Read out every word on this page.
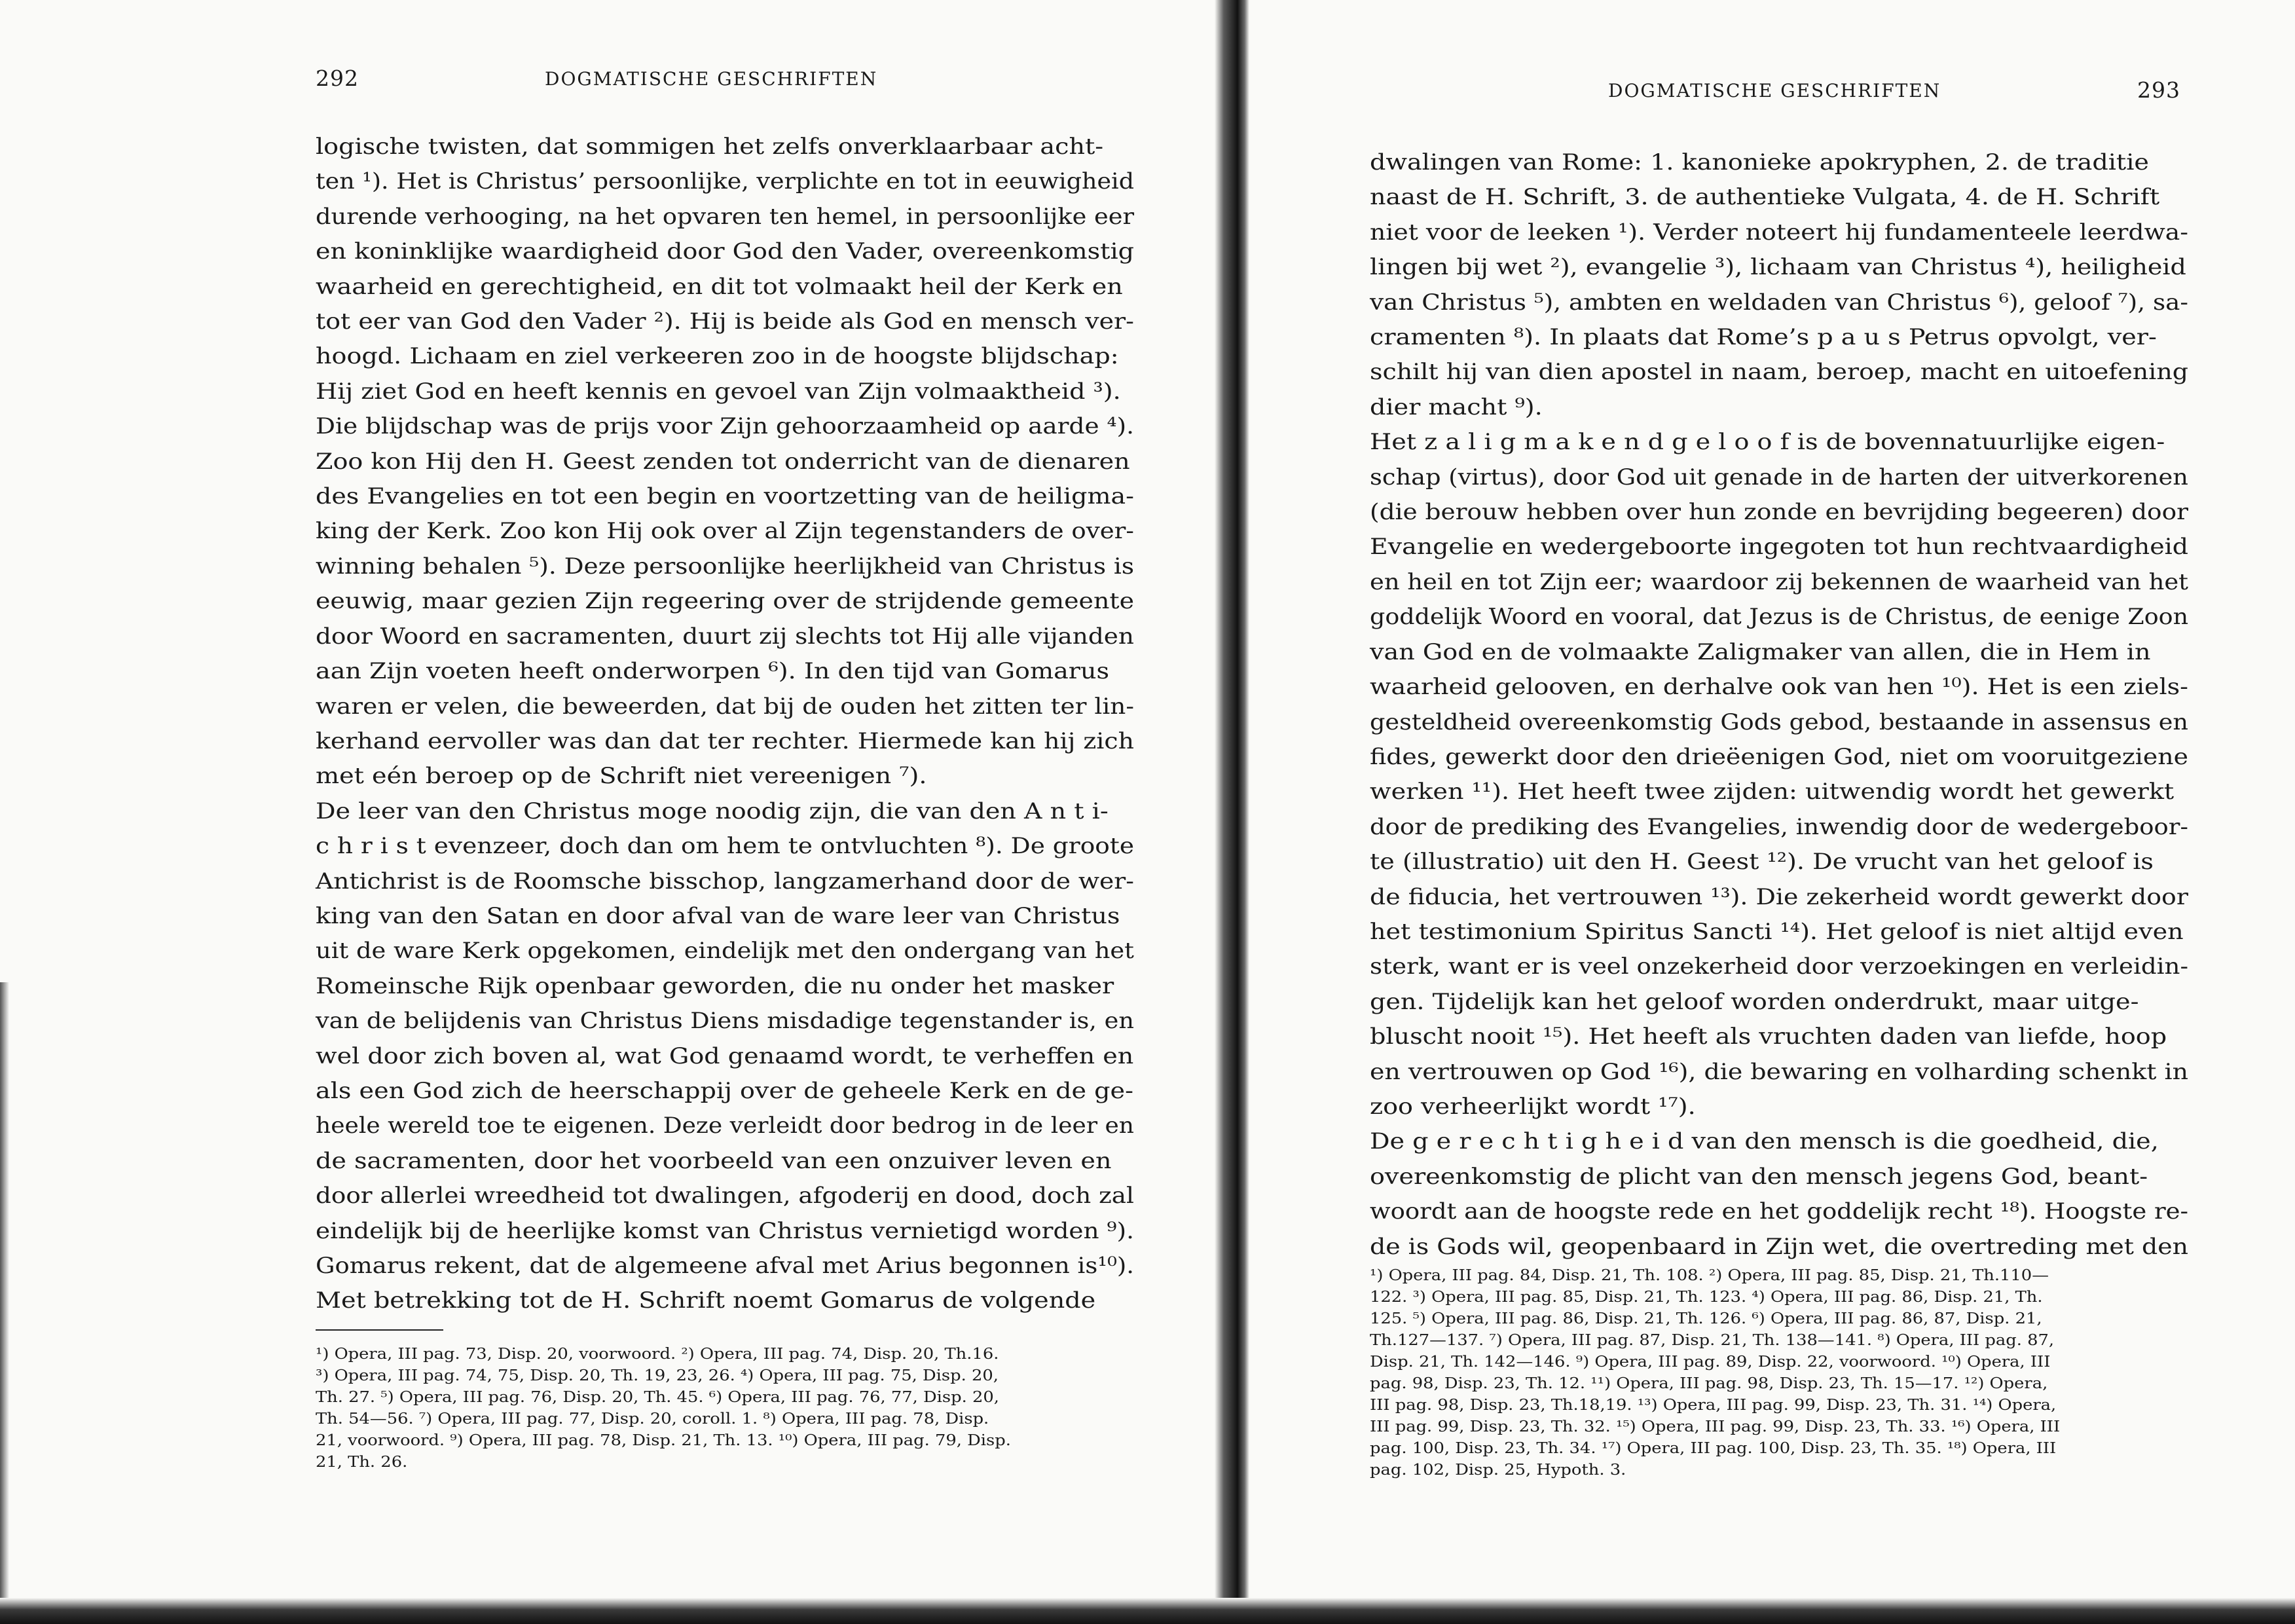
292	DOGMATISCHE GESCHRIFTEN
logische twisten, dat sommigen het zelfs onverklaarbaar acht-
ten ¹). Het is Christus’ persoonlijke, verplichte en tot in eeuwigheid
durende verhooging, na het opvaren ten hemel, in persoonlijke eer
en koninklijke waardigheid door God den Vader, overeenkomstig
waarheid en gerechtigheid, en dit tot volmaakt heil der Kerk en
tot eer van God den Vader ²). Hij is beide als God en mensch ver-
hoogd. Lichaam en ziel verkeeren zoo in de hoogste blijdschap:
Hij ziet God en heeft kennis en gevoel van Zijn volmaaktheid ³).
Die blijdschap was de prijs voor Zijn gehoorzaamheid op aarde ⁴).
Zoo kon Hij den H. Geest zenden tot onderricht van de dienaren
des Evangelies en tot een begin en voortzetting van de heiligma-
king der Kerk. Zoo kon Hij ook over al Zijn tegenstanders de over-
winning behalen ⁵). Deze persoonlijke heerlijkheid van Christus is
eeuwig, maar gezien Zijn regeering over de strijdende gemeente
door Woord en sacramenten, duurt zij slechts tot Hij alle vijanden
aan Zijn voeten heeft onderworpen ⁶). In den tijd van Gomarus
waren er velen, die beweerden, dat bij de ouden het zitten ter lin-
kerhand eervoller was dan dat ter rechter. Hiermede kan hij zich
met eén beroep op de Schrift niet vereenigen ⁷).
De leer van den Christus moge noodig zijn, die van den A n t i-
c h r i s t evenzeer, doch dan om hem te ontvluchten ⁸). De groote
Antichrist is de Roomsche bisschop, langzamerhand door de wer-
king van den Satan en door afval van de ware leer van Christus
uit de ware Kerk opgekomen, eindelijk met den ondergang van het
Romeinsche Rijk openbaar geworden, die nu onder het masker
van de belijdenis van Christus Diens misdadige tegenstander is, en
wel door zich boven al, wat God genaamd wordt, te verheffen en
als een God zich de heerschappij over de geheele Kerk en de ge-
heele wereld toe te eigenen. Deze verleidt door bedrog in de leer en
de sacramenten, door het voorbeeld van een onzuiver leven en
door allerlei wreedheid tot dwalingen, afgoderij en dood, doch zal
eindelijk bij de heerlijke komst van Christus vernietigd worden ⁹).
Gomarus rekent, dat de algemeene afval met Arius begonnen is¹⁰).
Met betrekking tot de H. Schrift noemt Gomarus de volgende
¹) Opera, III pag. 73, Disp. 20, voorwoord. ²) Opera, III pag. 74, Disp. 20, Th.16.
³) Opera, III pag. 74, 75, Disp. 20, Th. 19, 23, 26. ⁴) Opera, III pag. 75, Disp. 20,
Th. 27. ⁵) Opera, III pag. 76, Disp. 20, Th. 45. ⁶) Opera, III pag. 76, 77, Disp. 20,
Th. 54—56. ⁷) Opera, III pag. 77, Disp. 20, coroll. 1. ⁸) Opera, III pag. 78, Disp.
21, voorwoord. ⁹) Opera, III pag. 78, Disp. 21, Th. 13. ¹⁰) Opera, III pag. 79, Disp.
21, Th. 26.
DOGMATISCHE GESCHRIFTEN	293
dwalingen van Rome: 1. kanonieke apokryphen, 2. de traditie
naast de H. Schrift, 3. de authentieke Vulgata, 4. de H. Schrift
niet voor de leeken ¹). Verder noteert hij fundamenteele leerdwa-
lingen bij wet ²), evangelie ³), lichaam van Christus ⁴), heiligheid
van Christus ⁵), ambten en weldaden van Christus ⁶), geloof ⁷), sa-
cramenten ⁸). In plaats dat Rome’s p a u s Petrus opvolgt, ver-
schilt hij van dien apostel in naam, beroep, macht en uitoefening
dier macht ⁹).
Het z a l i g m a k e n d g e l o o f is de bovennatuurlijke eigen-
schap (virtus), door God uit genade in de harten der uitverkorenen
(die berouw hebben over hun zonde en bevrijding begeeren) door
Evangelie en wedergeboorte ingegoten tot hun rechtvaardigheid
en heil en tot Zijn eer; waardoor zij bekennen de waarheid van het
goddelijk Woord en vooral, dat Jezus is de Christus, de eenige Zoon
van God en de volmaakte Zaligmaker van allen, die in Hem in
waarheid gelooven, en derhalve ook van hen ¹⁰). Het is een ziels-
gesteldheid overeenkomstig Gods gebod, bestaande in assensus en
fides, gewerkt door den drieëenigen God, niet om vooruitgeziene
werken ¹¹). Het heeft twee zijden: uitwendig wordt het gewerkt
door de prediking des Evangelies, inwendig door de wedergeboor-
te (illustratio) uit den H. Geest ¹²). De vrucht van het geloof is
de fiducia, het vertrouwen ¹³). Die zekerheid wordt gewerkt door
het testimonium Spiritus Sancti ¹⁴). Het geloof is niet altijd even
sterk, want er is veel onzekerheid door verzoekingen en verleidin-
gen. Tijdelijk kan het geloof worden onderdrukt, maar uitge-
bluscht nooit ¹⁵). Het heeft als vruchten daden van liefde, hoop
en vertrouwen op God ¹⁶), die bewaring en volharding schenkt in
zoo verheerlijkt wordt ¹⁷).
De g e r e c h t i g h e i d van den mensch is die goedheid, die,
overeenkomstig de plicht van den mensch jegens God, beant-
woordt aan de hoogste rede en het goddelijk recht ¹⁸). Hoogste re-
de is Gods wil, geopenbaard in Zijn wet, die overtreding met den
¹) Opera, III pag. 84, Disp. 21, Th. 108. ²) Opera, III pag. 85, Disp. 21, Th.110—
122. ³) Opera, III pag. 85, Disp. 21, Th. 123. ⁴) Opera, III pag. 86, Disp. 21, Th.
125. ⁵) Opera, III pag. 86, Disp. 21, Th. 126. ⁶) Opera, III pag. 86, 87, Disp. 21,
Th.127—137. ⁷) Opera, III pag. 87, Disp. 21, Th. 138—141. ⁸) Opera, III pag. 87,
Disp. 21, Th. 142—146. ⁹) Opera, III pag. 89, Disp. 22, voorwoord. ¹⁰) Opera, III
pag. 98, Disp. 23, Th. 12. ¹¹) Opera, III pag. 98, Disp. 23, Th. 15—17. ¹²) Opera,
III pag. 98, Disp. 23, Th.18,19. ¹³) Opera, III pag. 99, Disp. 23, Th. 31. ¹⁴) Opera,
III pag. 99, Disp. 23, Th. 32. ¹⁵) Opera, III pag. 99, Disp. 23, Th. 33. ¹⁶) Opera, III
pag. 100, Disp. 23, Th. 34. ¹⁷) Opera, III pag. 100, Disp. 23, Th. 35. ¹⁸) Opera, III
pag. 102, Disp. 25, Hypoth. 3.
